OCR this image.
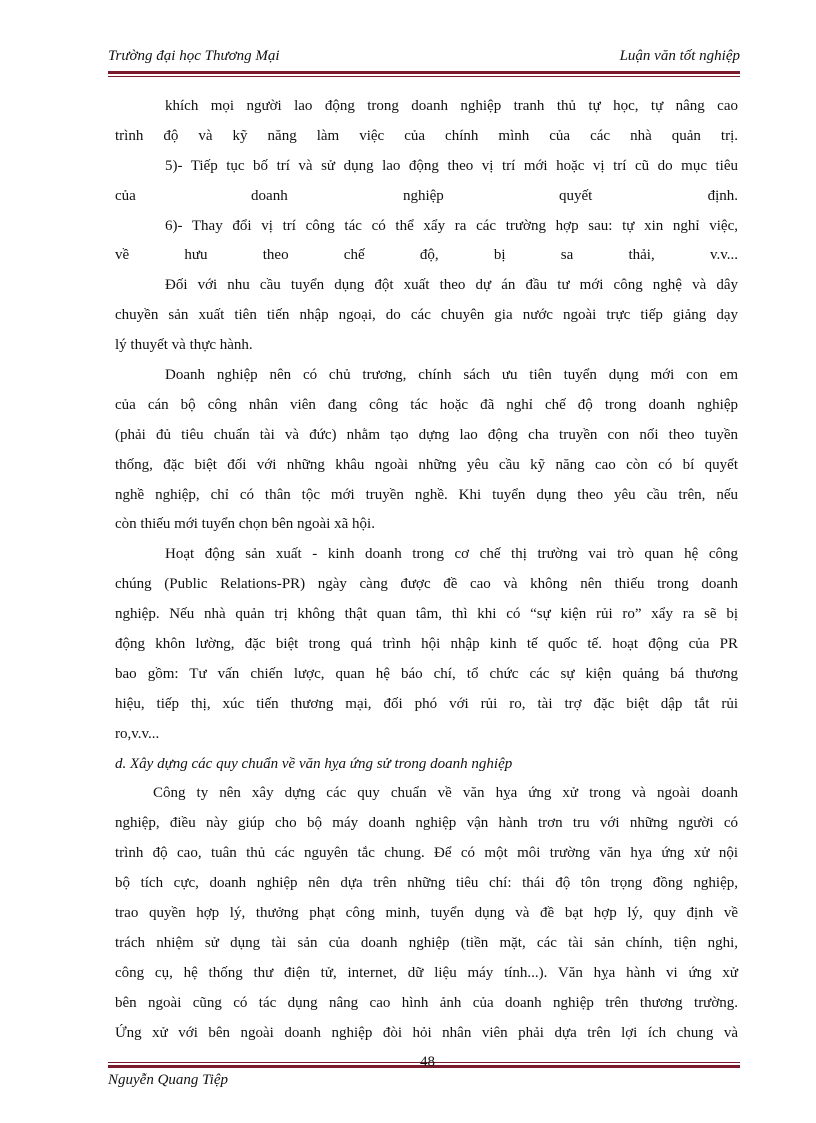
Trường đại học Thương Mại	Luận văn tốt nghiệp
khích mọi người lao động trong doanh nghiệp tranh thủ tự học, tự nâng cao
trình độ và kỹ năng làm việc của chính mình của các nhà quản trị.
5)- Tiếp tục bố trí và sử dụng lao động theo vị trí mới hoặc vị trí cũ do mục tiêu
của doanh nghiệp quyết định.
6)- Thay đổi vị trí công tác có thể xẩy ra các trường hợp sau: tự xin nghỉ việc,
về hưu theo chế độ, bị sa thải, v.v...
Đối với nhu cầu tuyển dụng đột xuất theo dự án đầu tư mới công nghệ và dây
chuyền sản xuất tiên tiến nhập ngoại, do các chuyên gia nước ngoài trực tiếp giảng dạy
lý thuyết và thực hành.
Doanh nghiệp nên có chủ trương, chính sách ưu tiên tuyển dụng mới con em
của cán bộ công nhân viên đang công tác hoặc đã nghỉ chế độ trong doanh nghiệp
(phải đủ tiêu chuẩn tài và đức) nhằm tạo dựng lao động cha truyền con nối theo tuyền
thống, đặc biệt đối với những khâu ngoài những yêu cầu kỹ năng cao còn có bí quyết
nghề nghiệp, chỉ có thân tộc mới truyền nghề. Khi tuyển dụng theo yêu cầu trên, nếu
còn thiếu mới tuyển chọn bên ngoài xã hội.
Hoạt động sản xuất - kinh doanh trong cơ chế thị trường vai trò quan hệ công
chúng (Public Relations-PR) ngày càng được đề cao và không nên thiếu trong doanh
nghiệp. Nếu nhà quản trị không thật quan tâm, thì khi có “sự kiện rủi ro” xẩy ra sẽ bị
động khôn lường, đặc biệt trong quá trình hội nhập kinh tế quốc tế. hoạt động của PR
bao gồm: Tư vấn chiến lược, quan hệ báo chí, tổ chức các sự kiện quảng bá thương
hiệu, tiếp thị, xúc tiến thương mại, đối phó với rủi ro, tài trợ đặc biệt dập tắt rủi
ro,v.v...
d. Xây dựng các quy chuẩn về văn hỵa ứng sử trong doanh nghiệp
Công ty nên xây dựng các quy chuẩn về văn hỵa ứng xử trong và ngoài doanh
nghiệp, điều này giúp cho bộ máy doanh nghiệp vận hành trơn tru với những người có
trình độ cao, tuân thủ các nguyên tắc chung. Để có một môi trường văn hỵa ứng xử nội
bộ tích cực, doanh nghiệp nên dựa trên những tiêu chí: thái độ tôn trọng đồng nghiệp,
trao quyền hợp lý, thưởng phạt công minh, tuyển dụng và đề bạt hợp lý, quy định về
trách nhiệm sử dụng tài sản của doanh nghiệp (tiền mặt, các tài sản chính, tiện nghi,
công cụ, hệ thống thư điện tử, internet, dữ liệu máy tính...). Văn hỵa hành vi ứng xử
bên ngoài cũng có tác dụng nâng cao hình ảnh của doanh nghiệp trên thương trường.
Ứng xử với bên ngoài doanh nghiệp đòi hỏi nhân viên phải dựa trên lợi ích chung và
48
Nguyễn Quang Tiệp
